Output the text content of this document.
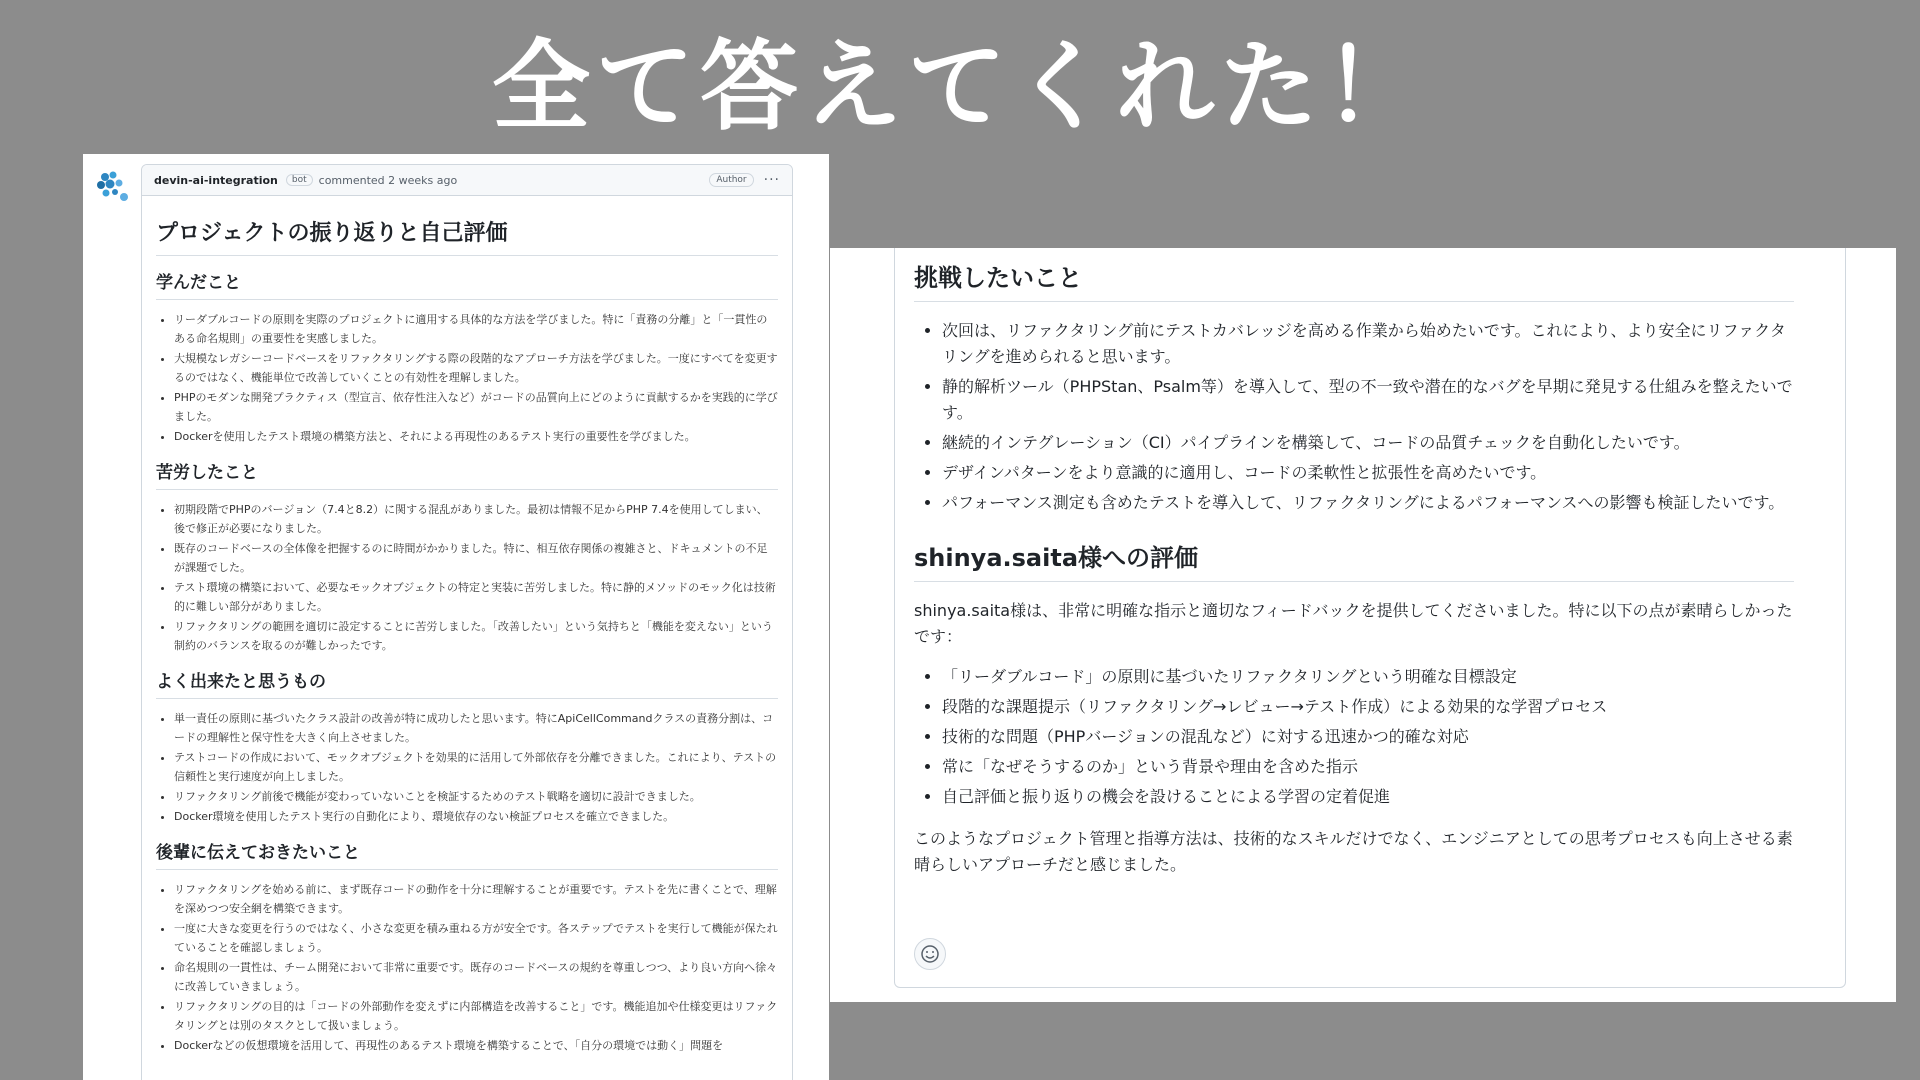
全て答えてくれた！
devin-ai-integration	bot	commented 2 weeks ago	Author	···
プロジェクトの振り返りと自己評価
学んだこと
• リーダブルコードの原則を実際のプロジェクトに適用する具体的な方法を学びました。特に「責務の分離」と「一貫性のある命名規則」の重要性を実感しました。
• 大規模なレガシーコードベースをリファクタリングする際の段階的なアプローチ方法を学びました。一度にすべてを変更するのではなく、機能単位で改善していくことの有効性を理解しました。
• PHPのモダンな開発プラクティス（型宣言、依存性注入など）がコードの品質向上にどのように貢献するかを実践的に学びました。
• Dockerを使用したテスト環境の構築方法と、それによる再現性のあるテスト実行の重要性を学びました。
苦労したこと
• 初期段階でPHPのバージョン（7.4と8.2）に関する混乱がありました。最初は情報不足からPHP 7.4を使用してしまい、後で修正が必要になりました。
• 既存のコードベースの全体像を把握するのに時間がかかりました。特に、相互依存関係の複雑さと、ドキュメントの不足が課題でした。
• テスト環境の構築において、必要なモックオブジェクトの特定と実装に苦労しました。特に静的メソッドのモック化は技術的に難しい部分がありました。
• リファクタリングの範囲を適切に設定することに苦労しました。「改善したい」という気持ちと「機能を変えない」という制約のバランスを取るのが難しかったです。
よく出来たと思うもの
• 単一責任の原則に基づいたクラス設計の改善が特に成功したと思います。特にApiCellCommandクラスの責務分割は、コードの理解性と保守性を大きく向上させました。
• テストコードの作成において、モックオブジェクトを効果的に活用して外部依存を分離できました。これにより、テストの信頼性と実行速度が向上しました。
• リファクタリング前後で機能が変わっていないことを検証するためのテスト戦略を適切に設計できました。
• Docker環境を使用したテスト実行の自動化により、環境依存のない検証プロセスを確立できました。
後輩に伝えておきたいこと
• リファクタリングを始める前に、まず既存コードの動作を十分に理解することが重要です。テストを先に書くことで、理解を深めつつ安全網を構築できます。
• 一度に大きな変更を行うのではなく、小さな変更を積み重ねる方が安全です。各ステップでテストを実行して機能が保たれていることを確認しましょう。
• 命名規則の一貫性は、チーム開発において非常に重要です。既存のコードベースの規約を尊重しつつ、より良い方向へ徐々に改善していきましょう。
• リファクタリングの目的は「コードの外部動作を変えずに内部構造を改善すること」です。機能追加や仕様変更はリファクタリングとは別のタスクとして扱いましょう。
• Dockerなどの仮想環境を活用して、再現性のあるテスト環境を構築することで、「自分の環境では動く」問題を
挑戦したいこと
• 次回は、リファクタリング前にテストカバレッジを高める作業から始めたいです。これにより、より安全にリファクタリングを進められると思います。
• 静的解析ツール（PHPStan、Psalm等）を導入して、型の不一致や潜在的なバグを早期に発見する仕組みを整えたいです。
• 継続的インテグレーション（CI）パイプラインを構築して、コードの品質チェックを自動化したいです。
• デザインパターンをより意識的に適用し、コードの柔軟性と拡張性を高めたいです。
• パフォーマンス測定も含めたテストを導入して、リファクタリングによるパフォーマンスへの影響も検証したいです。
shinya.saita様への評価

shinya.saita様は、非常に明確な指示と適切なフィードバックを提供してくださいました。特に以下の点が素晴らしかったです：

• 「リーダブルコード」の原則に基づいたリファクタリングという明確な目標設定
• 段階的な課題提示（リファクタリング→レビュー→テスト作成）による効果的な学習プロセス
• 技術的な問題（PHPバージョンの混乱など）に対する迅速かつ的確な対応
• 常に「なぜそうするのか」という背景や理由を含めた指示
• 自己評価と振り返りの機会を設けることによる学習の定着促進

このようなプロジェクト管理と指導方法は、技術的なスキルだけでなく、エンジニアとしての思考プロセスも向上させる素晴らしいアプローチだと感じました。
